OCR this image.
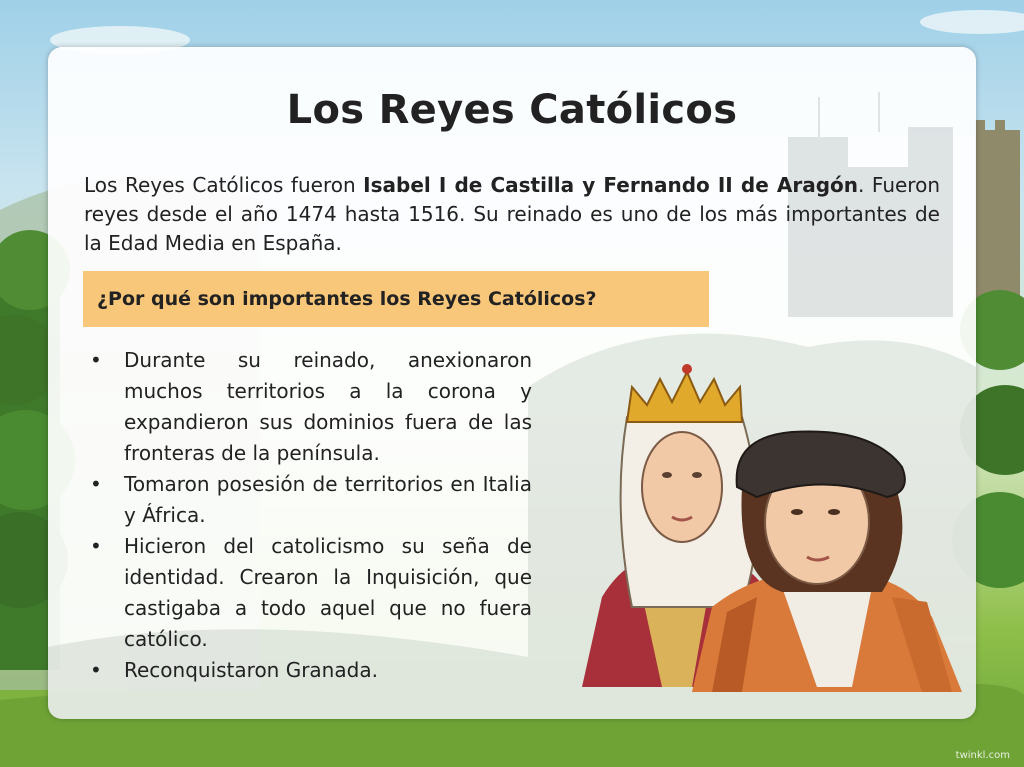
Los Reyes Católicos

Los Reyes Católicos fueron Isabel I de Castilla y Fernando II de Aragón. Fueron reyes desde el año 1474 hasta 1516. Su reinado es uno de los más importantes de la Edad Media en España.

¿Por qué son importantes los Reyes Católicos?
• Durante su reinado, anexionaron muchos territorios a la corona y expandieron sus dominios fuera de las fronteras de la península.
• Tomaron posesión de territorios en Italia y África.
• Hicieron del catolicismo su seña de identidad. Crearon la Inquisición, que castigaba a todo aquel que no fuera católico.
• Reconquistaron Granada.
twinkl.com
